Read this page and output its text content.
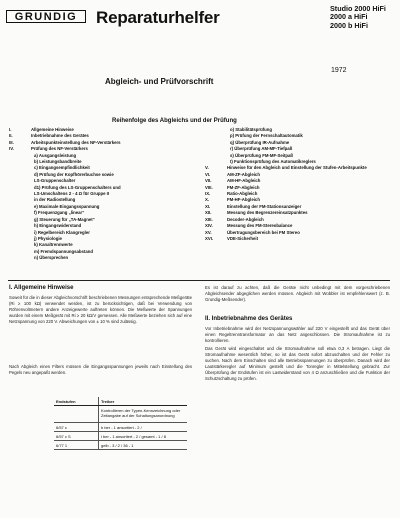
GRUNDIG Reparaturhelfer	Studio 2000 HiFi
2000 a HiFi
2000 b HiFi
1972
Abgleich- und Prüfvorschrift
Reihenfolge des Abgleichs und der Prüfung
I.	Allgemeine Hinweise
II.	Inbetriebnahme des Gerätes
III.	Arbeitspunkteinstellung des NF-Verstärkers
IV.	Prüfung des NF-Verstärkers
a) Ausgangsleistung
b) Leistungsbandbreite
c) Eingangsempfindlichkeit
d) Prüfung der Kopfhörerbuchse sowie
LS-Gruppenschalter
d1) Prüfung des LS-Gruppenschalters und
LS-Umschaltens 2 - 4 Ω für Gruppe II
in der Radiostellung
e) Maximale Eingangsspannung
f) Frequenzgang „linear“
g) Steuerung für „TA-Magnet“
h) Eingangswiderstand
i) Regelbereich Klangregler
j) Physiologie
k) Kanaltrennwerte
m) Fremdspannungsabstand
n) Übersprechen
o) Stabilitätsprüfung
p) Prüfung der Fernschaltautomatik
q) Überprüfung IR-Aufnahme
r) Überprüfung AM-MF-Tiefpaß
s) Überprüfung FM-MF-Seitpaß
t) Funktionsprüfung des Automatikreglers
V.	Hinweise für den Abgleich und Einstellung der Stufen-Arbeitspunkte
VI.	AM-ZF-Abgleich
VII.	AM-HF-Abgleich
VIII.	FM-ZF-Abgleich
IX.	Ratio-Abgleich
X.	FM-HF-Abgleich
XI.	Einstellung der FM-Stationsanzeiger
XII.	Messung des Begrenzereinsatzpunktes
XIII.	Decoder-Abgleich
XIV.	Messung des FM-Stereobalance
XV.	Übertragungsbereich bei FM Stereo
XVI.	VDE-Sicherheit
I. Allgemeine Hinweise
Soweit für die in dieser Abgleichvorschrift beschriebenen Messungen entsprechende Meßgeräte (Ri ≥ 100 kΩ) verwendet werden, ist zu berücksichtigen, daß bei Verwendung von Röhrenvoltmetern andere Anzeigewerte auftreten können. Die Meßwerte der Spannungen wurden mit einem Meßgerät mit Ri ≥ 20 kΩ/V gemessen. Alle Meßwerte beziehen sich auf eine Netzspannung von 220 V. Abweichungen von ± 10 % sind zulässig.
Nach Abgleich eines Filters müssen die Eingangsspannungen jeweils nach Einstellung des Pegels neu angepaßt werden.
Endstufen	Treiber
	Kontrollieren der Typen-Kennzeichnung oder Zeitangabe auf der Schaltungsanordnung
6/57 c	b ber - 1 ansortiert - 2 /
6/57 c S	l ber - 1 ansortiert - 2 / gesamt - 1 / 8
6/77 1	gelb - 3 / 2 / 36 - 1
Es ist darauf zu achten, daß die Geräte nicht unbedingt mit dem vorgeschriebenen Abgleichsender abgeglichen werden müssen. Abgleich mit Wobbler ist empfehlenswert (z. B. Grundig-Meßsender).
II. Inbetriebnahme des Gerätes
Vor Inbetriebnahme wird der Netzspannungswähler auf 220 V eingestellt und das Gerät über einen Regeltrenntransformator an das Netz angeschlossen. Die Stromaufnahme ist zu kontrollieren.
Das Gerät wird eingeschaltet und die Stromaufnahme soll etwa 0,3 A betragen. Liegt die Stromaufnahme wesentlich höher, so ist das Gerät sofort abzuschalten und der Fehler zu suchen. Nach dem Einschalten sind alle Betriebsspannungen zu überprüfen. Danach wird der Lautstärkeregler auf Minimum gestellt und die Tonregler in Mittelstellung gebracht. Zur Überprüfung der Endstufen ist ein Lastwiderstand von 4 Ω anzuschließen und die Funktion der Schutzschaltung zu prüfen.
